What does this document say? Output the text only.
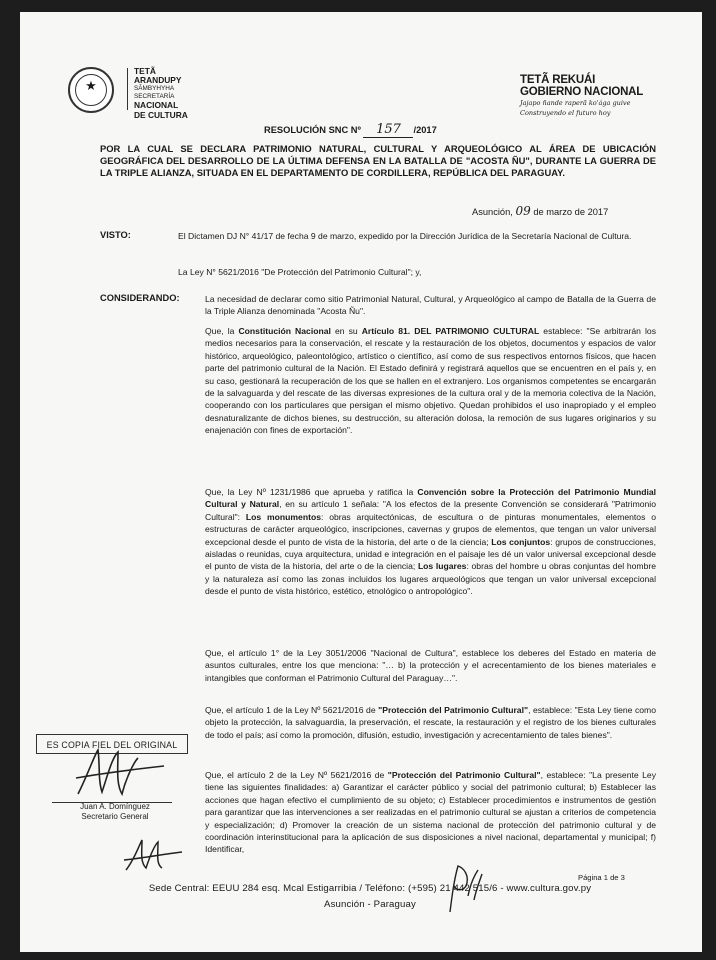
★
TETÃ
ARANDUPY
SÃMBYHYHA
SECRETARÍA
NACIONAL
DE CULTURA
TETÃ REKUÁI
GOBIERNO NACIONAL
Jajapo ñande raperã ko'ága guive
Construyendo el futuro hoy
RESOLUCIÓN SNC Nº 157 /2017
POR LA CUAL SE DECLARA PATRIMONIO NATURAL, CULTURAL Y ARQUEOLÓGICO AL ÁREA DE UBICACIÓN GEOGRÁFICA DEL DESARROLLO DE LA ÚLTIMA DEFENSA EN LA BATALLA DE "ACOSTA ÑU", DURANTE LA GUERRA DE LA TRIPLE ALIANZA, SITUADA EN EL DEPARTAMENTO DE CORDILLERA, REPÚBLICA DEL PARAGUAY.
Asunción, 09 de marzo de 2017
VISTO:	El Dictamen DJ N° 41/17 de fecha 9 de marzo, expedido por la Dirección Jurídica de la Secretaría Nacional de Cultura.
La Ley N° 5621/2016 "De Protección del Patrimonio Cultural"; y,
CONSIDERANDO:	La necesidad de declarar como sitio Patrimonial Natural, Cultural, y Arqueológico al campo de Batalla de la Guerra de la Triple Alianza denominada "Acosta Ñu".
Que, la Constitución Nacional en su Artículo 81. DEL PATRIMONIO CULTURAL establece: "Se arbitrarán los medios necesarios para la conservación, el rescate y la restauración de los objetos, documentos y espacios de valor histórico, arqueológico, paleontológico, artístico o científico, así como de sus respectivos entornos físicos, que hacen parte del patrimonio cultural de la Nación. El Estado definirá y registrará aquellos que se encuentren en el país y, en su caso, gestionará la recuperación de los que se hallen en el extranjero. Los organismos competentes se encargarán de la salvaguarda y del rescate de las diversas expresiones de la cultura oral y de la memoria colectiva de la Nación, cooperando con los particulares que persigan el mismo objetivo. Quedan prohibidos el uso inapropiado y el empleo desnaturalizante de dichos bienes, su destrucción, su alteración dolosa, la remoción de sus lugares originarios y su enajenación con fines de exportación".
Que, la Ley Nº 1231/1986 que aprueba y ratifica la Convención sobre la Protección del Patrimonio Mundial Cultural y Natural, en su artículo 1 señala: "A los efectos de la presente Convención se considerará "Patrimonio Cultural": Los monumentos: obras arquitectónicas, de escultura o de pinturas monumentales, elementos o estructuras de carácter arqueológico, inscripciones, cavernas y grupos de elementos, que tengan un valor universal excepcional desde el punto de vista de la historia, del arte o de la ciencia; Los conjuntos: grupos de construcciones, aisladas o reunidas, cuya arquitectura, unidad e integración en el paisaje les dé un valor universal excepcional desde el punto de vista de la historia, del arte o de la ciencia; Los lugares: obras del hombre u obras conjuntas del hombre y la naturaleza así como las zonas incluidos los lugares arqueológicos que tengan un valor universal excepcional desde el punto de vista histórico, estético, etnológico o antropológico".
Que, el artículo 1° de la Ley 3051/2006 "Nacional de Cultura", establece los deberes del Estado en materia de asuntos culturales, entre los que menciona: "… b) la protección y el acrecentamiento de los bienes materiales e intangibles que conforman el Patrimonio Cultural del Paraguay…".
Que, el artículo 1 de la Ley Nº 5621/2016 de "Protección del Patrimonio Cultural", establece: "Esta Ley tiene como objeto la protección, la salvaguardia, la preservación, el rescate, la restauración y el registro de los bienes culturales de todo el país; así como la promoción, difusión, estudio, investigación y acrecentamiento de tales bienes".
Que, el artículo 2 de la Ley Nº 5621/2016 de "Protección del Patrimonio Cultural", establece: "La presente Ley tiene las siguientes finalidades: a) Garantizar el carácter público y social del patrimonio cultural; b) Establecer las acciones que hagan efectivo el cumplimiento de su objeto; c) Establecer procedimientos e instrumentos de gestión para garantizar que las intervenciones a ser realizadas en el patrimonio cultural se ajustan a criterios de competencia y especialización; d) Promover la creación de un sistema nacional de protección del patrimonio cultural y de coordinación interinstitucional para la aplicación de sus disposiciones a nivel nacional, departamental y municipal; f) Identificar,
ES COPIA FIEL DEL ORIGINAL
Juan A. Domínguez
Secretario General
Página 1 de 3
Sede Central: EEUU 284 esq. Mcal Estigarribia / Teléfono: (+595) 21 442 515/6 - www.cultura.gov.py
Asunción - Paraguay
